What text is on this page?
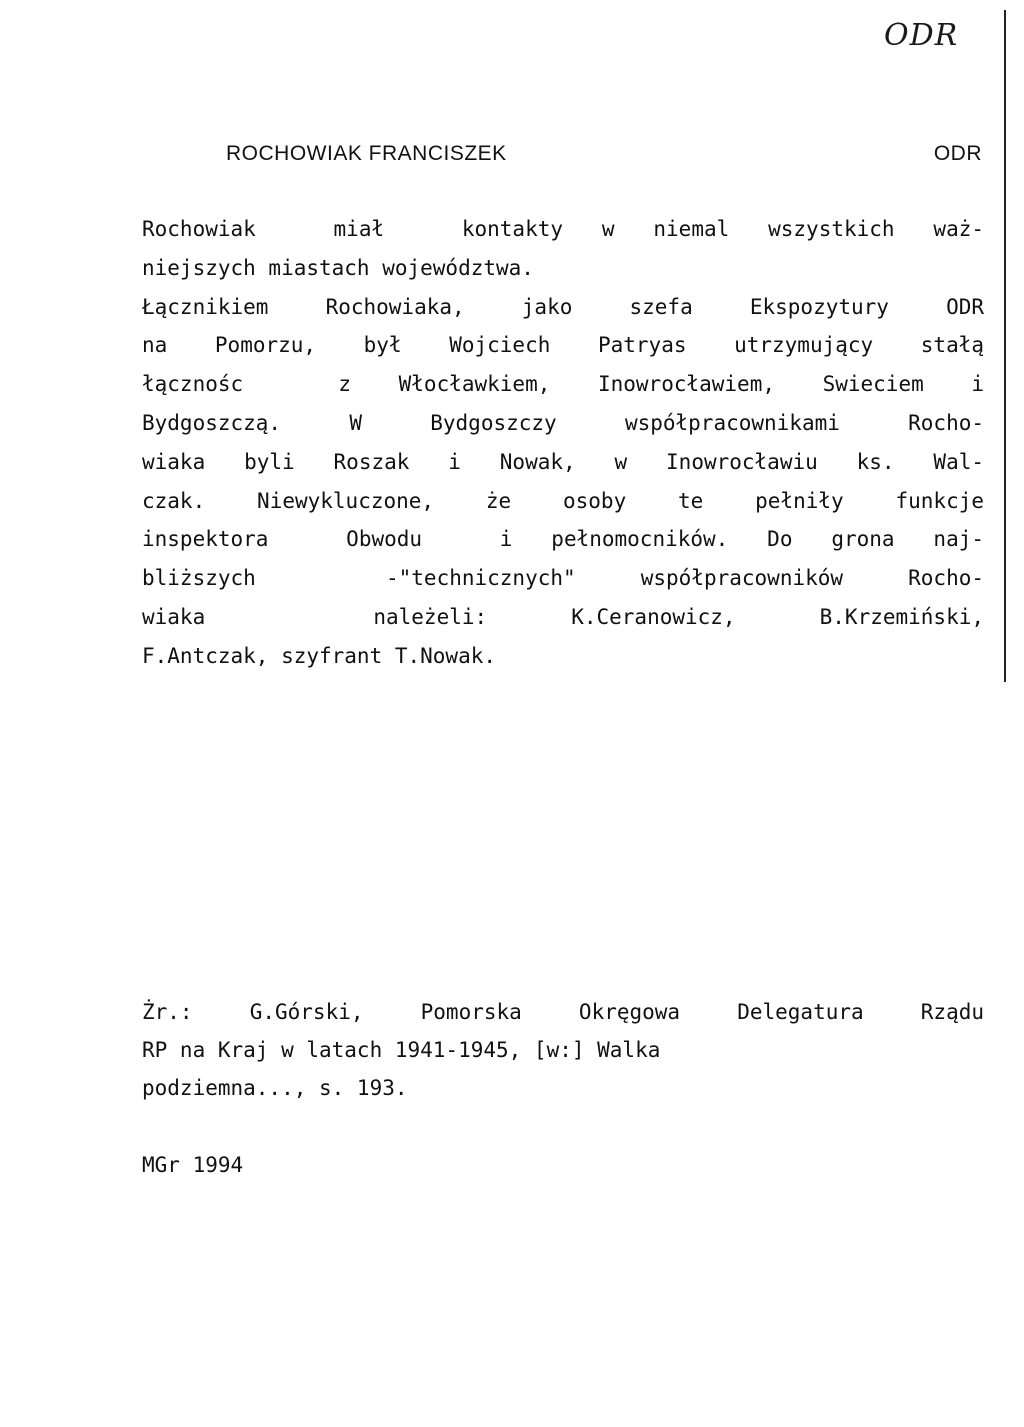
ODR
ROCHOWIAK FRANCISZEK	ODR
Rochowiak  miał  kontakty w niemal wszystkich waż-
niejszych miastach województwa.
Łącznikiem Rochowiaka, jako szefa Ekspozytury ODR
na Pomorzu, był Wojciech Patryas utrzymujący stałą
łącznośc  z Włocławkiem, Inowrocławiem, Swieciem i
Bydgoszczą. W Bydgoszczy współpracownikami Rocho-
wiaka byli Roszak i Nowak, w Inowrocławiu ks. Wal-
czak. Niewykluczone, że osoby te pełniły funkcje
inspektora  Obwodu  i pełnomocników. Do grona naj-
bliższych  -"technicznych" współpracowników Rocho-
wiaka  należeli: K.Ceranowicz, B.Krzemiński,
F.Antczak, szyfrant T.Nowak.
Żr.: G.Górski, Pomorska Okręgowa Delegatura Rządu
RP na Kraj w latach 1941-1945, [w:] Walka
podziemna..., s. 193.
MGr 1994
